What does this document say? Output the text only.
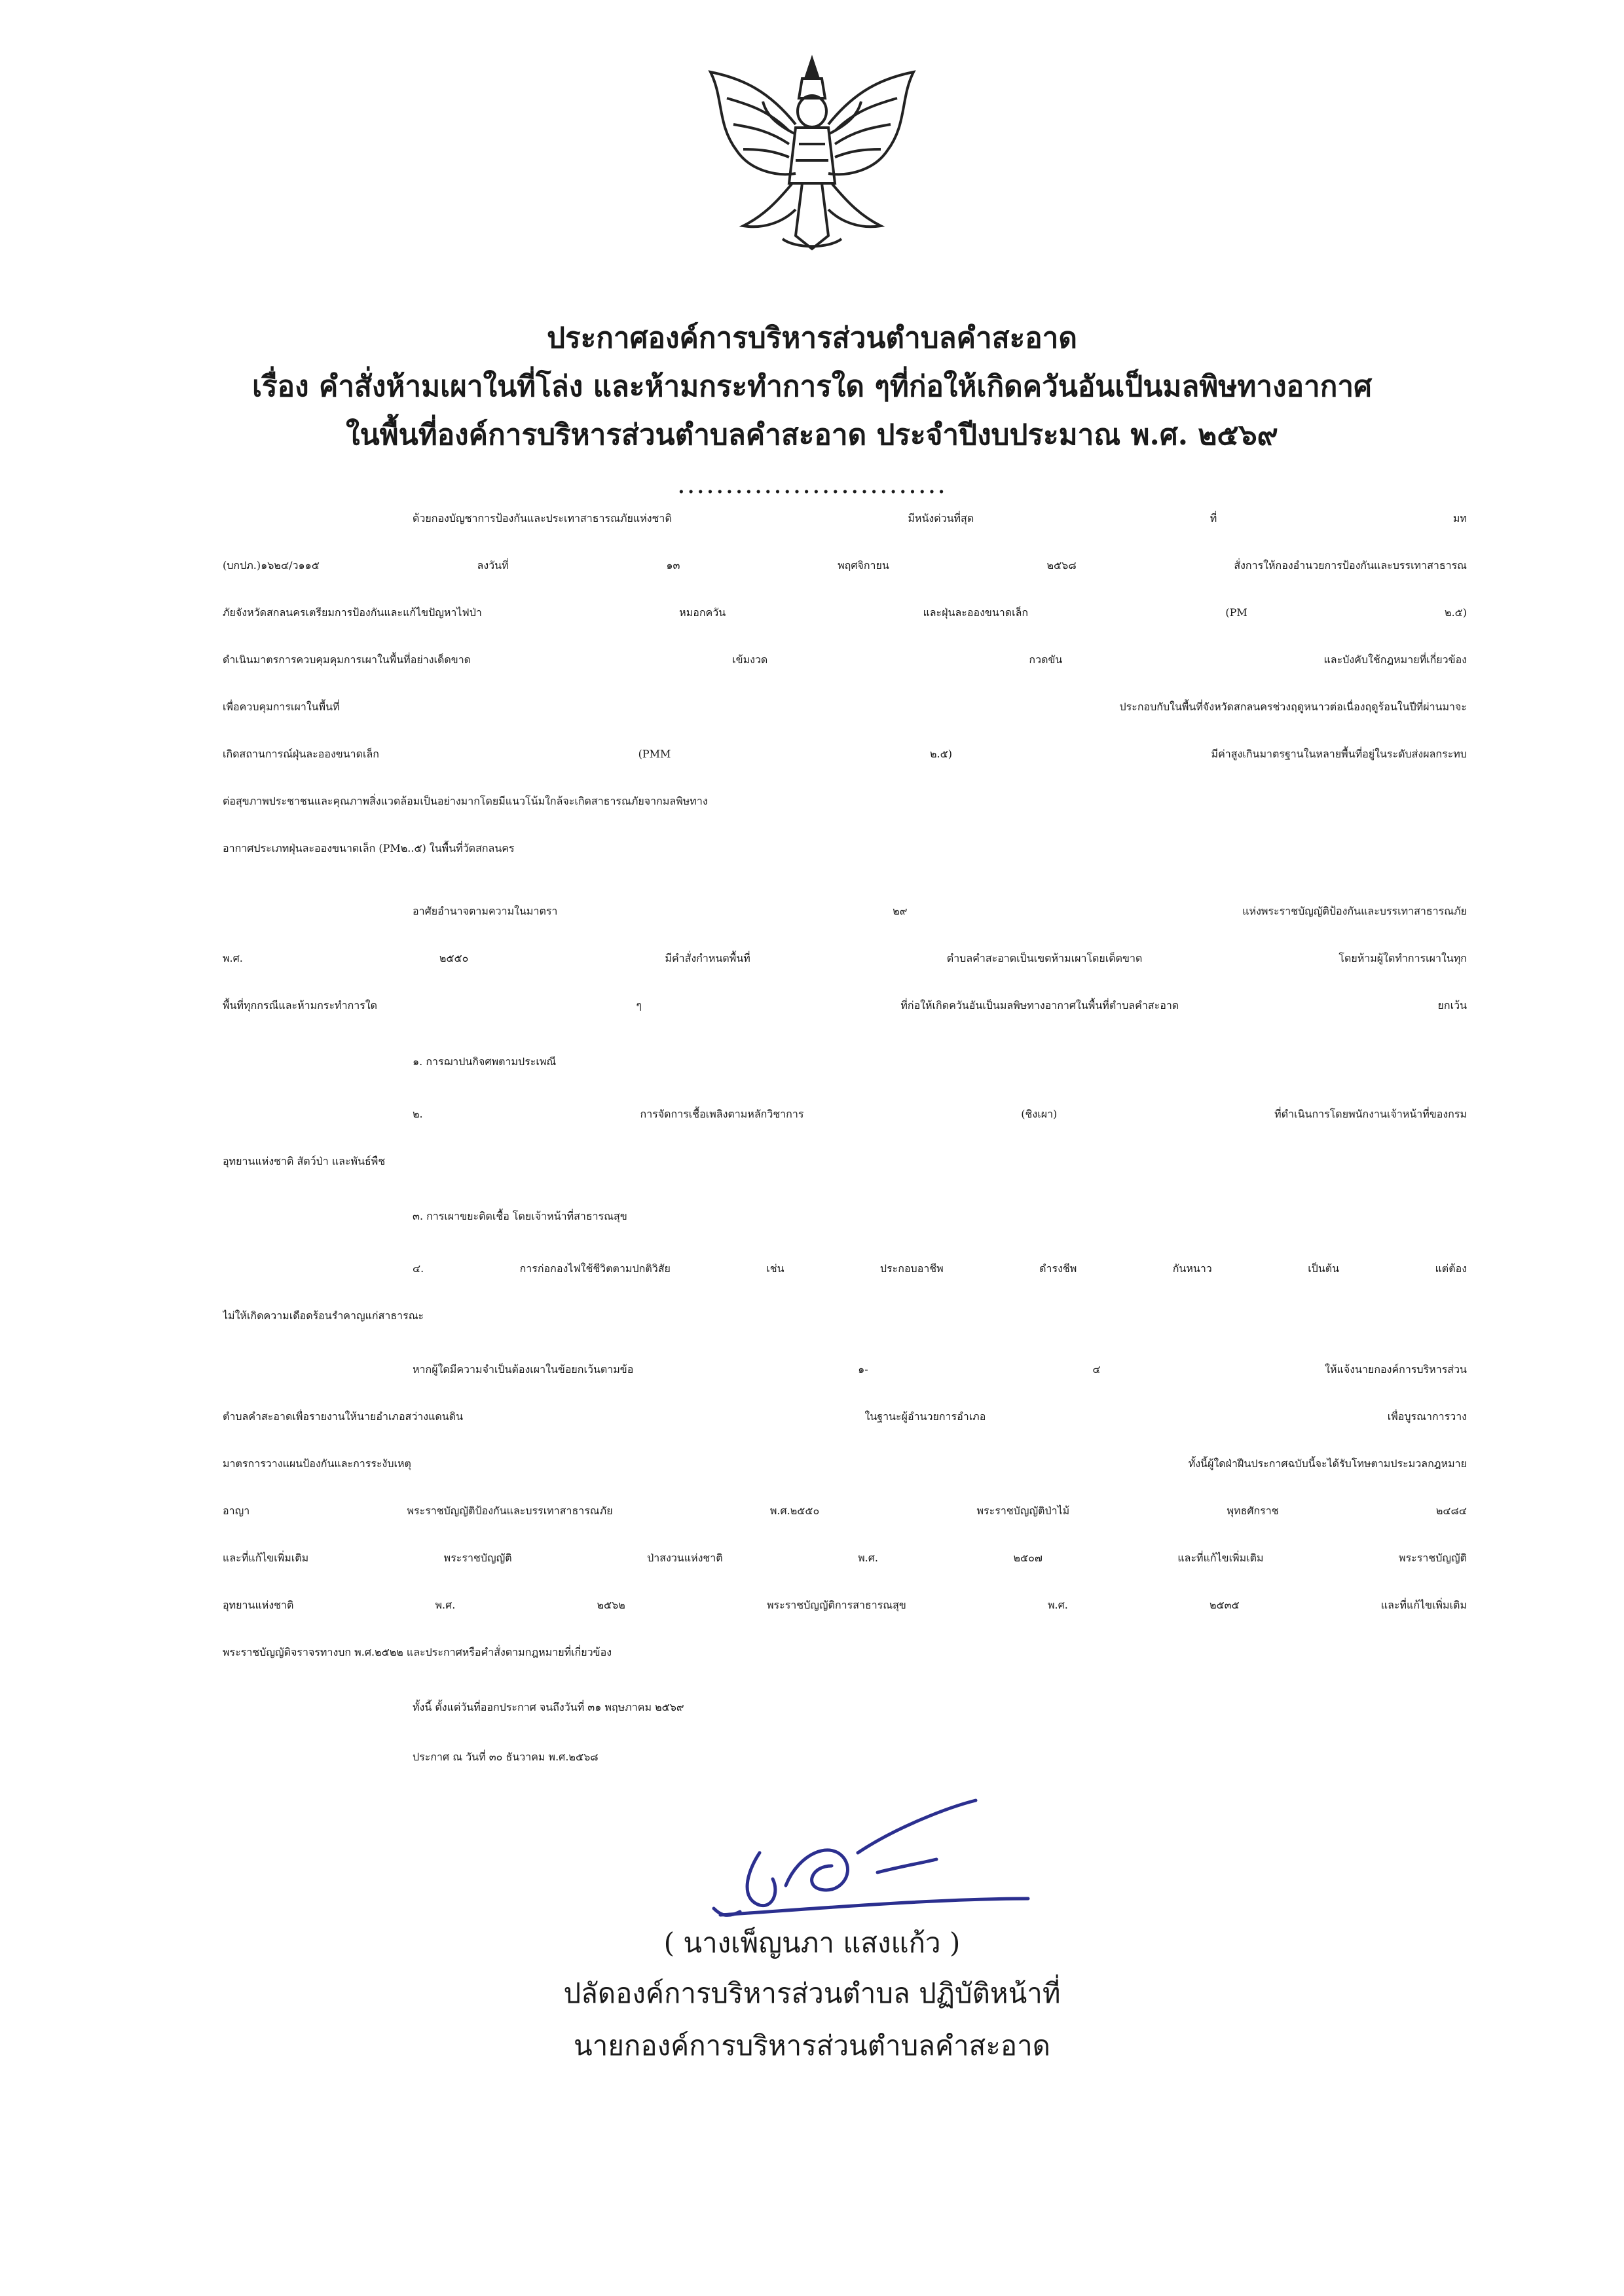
ประกาศองค์การบริหารส่วนตำบลคำสะอาด
เรื่อง คำสั่งห้ามเผาในที่โล่ง และห้ามกระทำการใด ๆที่ก่อให้เกิดควันอันเป็นมลพิษทางอากาศ
ในพื้นที่องค์การบริหารส่วนตำบลคำสะอาด ประจำปีงบประมาณ พ.ศ. ๒๕๖๙
............................
ด้วยกองบัญชาการป้องกันและประเทาสาธารณภัยแห่งชาติ มีหนังด่วนที่สุด ที่ มท
(บกปภ.)๑๖๒๔/ว๑๑๕ ลงวันที่ ๑๓ พฤศจิกายน ๒๕๖๘ สั่งการให้กองอำนวยการป้องกันและบรรเทาสาธารณ
ภัยจังหวัดสกลนครเตรียมการป้องกันและแก้ไขปัญหาไฟป่า หมอกควัน และฝุ่นละอองขนาดเล็ก (PM ๒.๕)
ดำเนินมาตรการควบคุมคุมการเผาในพื้นที่อย่างเด็ดขาด เข้มงวด กวดขัน และบังคับใช้กฎหมายที่เกี่ยวข้อง
เพื่อควบคุมการเผาในพื้นที่ ประกอบกับในพื้นที่จังหวัดสกลนครช่วงฤดูหนาวต่อเนื่องฤดูร้อนในปีที่ผ่านมาจะ
เกิดสถานการณ์ฝุ่นละอองขนาดเล็ก (PMM ๒.๕) มีค่าสูงเกินมาตรฐานในหลายพื้นที่อยู่ในระดับส่งผลกระทบ
ต่อสุขภาพประชาชนและคุณภาพสิ่งแวดล้อมเป็นอย่างมากโดยมีแนวโน้มใกล้จะเกิดสาธารณภัยจากมลพิษทาง
อากาศประเภทฝุ่นละอองขนาดเล็ก (PM๒..๕) ในพื้นที่วัดสกลนคร
อาศัยอำนาจตามความในมาตรา ๒๙ แห่งพระราชบัญญัติป้องกันและบรรเทาสาธารณภัย
พ.ศ. ๒๕๕๐ มีคำสั่งกำหนดพื้นที่ ตำบลคำสะอาดเป็นเขตห้ามเผาโดยเด็ดขาด โดยห้ามผู้ใดทำการเผาในทุก
พื้นที่ทุกกรณีและห้ามกระทำการใด ๆ ที่ก่อให้เกิดควันอันเป็นมลพิษทางอากาศในพื้นที่ตำบลคำสะอาด ยกเว้น
๑. การฌาปนกิจศพตามประเพณี
๒. การจัดการเชื้อเพลิงตามหลักวิชาการ (ชิงเผา) ที่ดำเนินการโดยพนักงานเจ้าหน้าที่ของกรม
อุทยานแห่งชาติ สัตว์ป่า และพันธ์พืช
๓. การเผาขยะติดเชื้อ โดยเจ้าหน้าที่สาธารณสุข
๔. การก่อกองไฟใช้ชีวิตตามปกติวิสัย เช่น ประกอบอาชีพ ดำรงชีพ กันหนาว เป็นต้น แต่ต้อง
ไม่ให้เกิดความเดือดร้อนรำคาญแก่สาธารณะ
หากผู้ใดมีความจำเป็นต้องเผาในข้อยกเว้นตามข้อ ๑- ๔ ให้แจ้งนายกองค์การบริหารส่วน
ตำบลคำสะอาดเพื่อรายงานให้นายอำเภอสว่างแดนดิน ในฐานะผู้อำนวยการอำเภอ เพื่อบูรณาการวาง
มาตรการวางแผนป้องกันและการระงับเหตุ ทั้งนี้ผู้ใดฝ่าฝืนประกาศฉบับนี้จะได้รับโทษตามประมวลกฎหมาย
อาญา พระราชบัญญัติป้องกันและบรรเทาสาธารณภัย พ.ศ.๒๕๕๐ พระราชบัญญัติป่าไม้ พุทธศักราช ๒๔๘๔
และที่แก้ไขเพิ่มเติม พระราชบัญญัติ ป่าสงวนแห่งชาติ พ.ศ. ๒๕๐๗ และที่แก้ไขเพิ่มเติม พระราชบัญญัติ
อุทยานแห่งชาติ พ.ศ. ๒๕๖๒ พระราชบัญญัติการสาธารณสุข พ.ศ. ๒๕๓๕ และที่แก้ไขเพิ่มเติม
พระราชบัญญัติจราจรทางบก พ.ศ.๒๕๒๒ และประกาศหรือคำสั่งตามกฎหมายที่เกี่ยวข้อง
ทั้งนี้ ตั้งแต่วันที่ออกประกาศ จนถึงวันที่ ๓๑ พฤษภาคม ๒๕๖๙
ประกาศ ณ วันที่ ๓๐ ธันวาคม พ.ศ.๒๕๖๘
( นางเพ็ญนภา แสงแก้ว )
ปลัดองค์การบริหารส่วนตำบล ปฏิบัติหน้าที่
นายกองค์การบริหารส่วนตำบลคำสะอาด
